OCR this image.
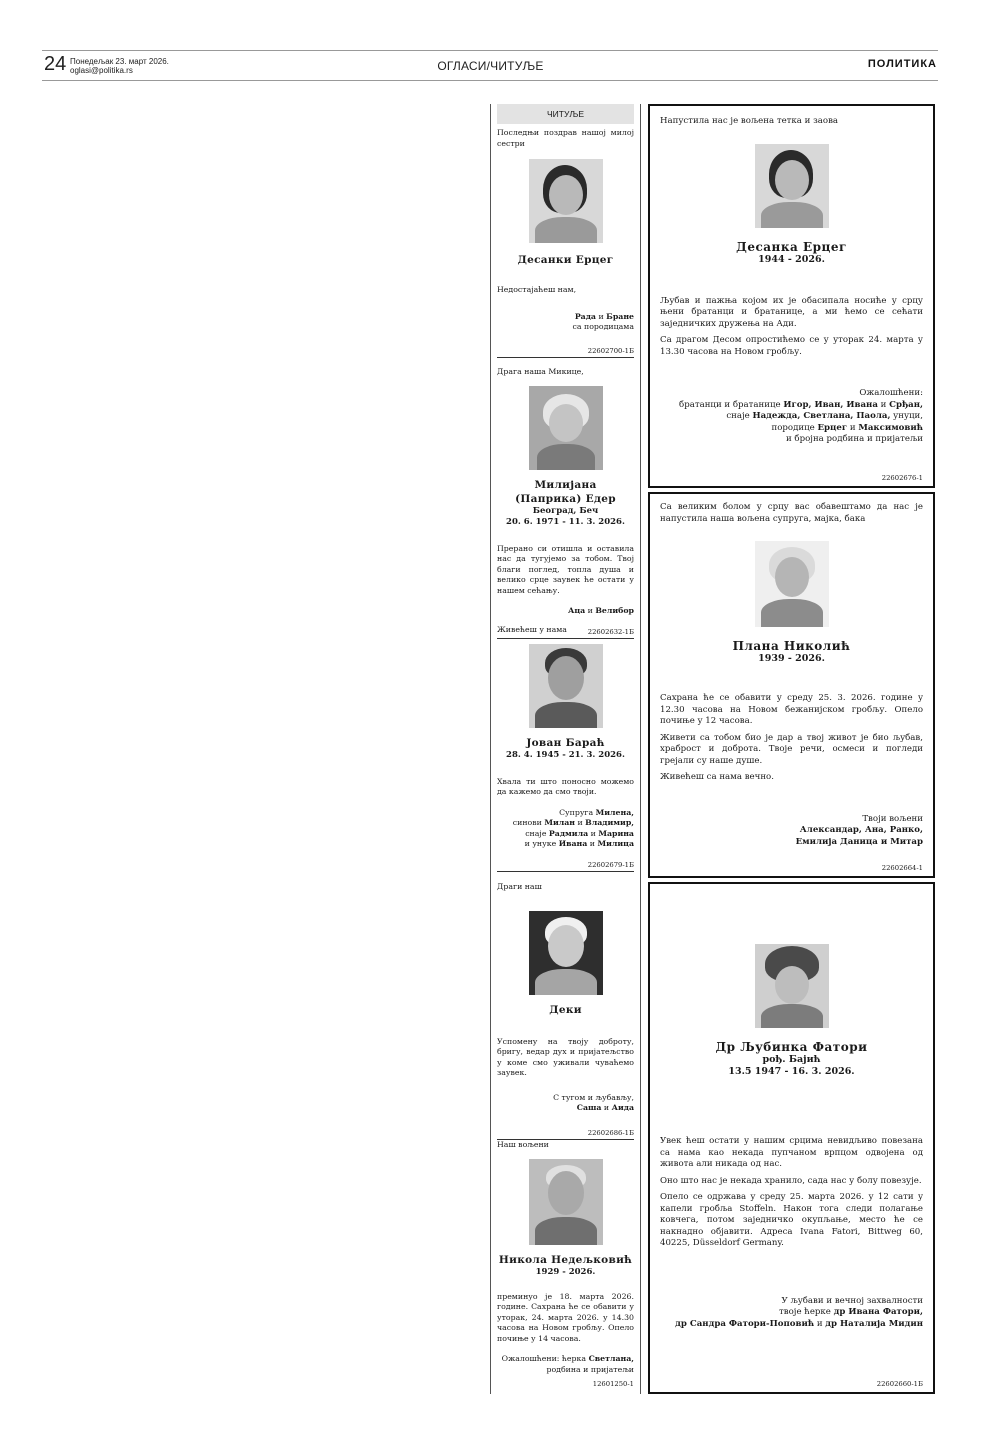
24 Понедељак 23. март 2026.
oglasi@politika.rs	ОГЛАСИ/ЧИТУЉЕ	ПОЛИТИКА
ЧИТУЉЕ
Последњи поздрав нашој милој сестри
Десанки Ерцег
Недостајаћеш нам,
Рада и Бране
са породицама
22602700-1Б
Драга наша Микице,
Милијана
(Паприка) Едер
Београд, Беч
20. 6. 1971 - 11. 3. 2026.
Прерано си отишла и оставила нас да тугујемо за тобом. Твој благи поглед, топла душа и велико срце заувек ће остати у нашем сећању.
Аца и Велибор
22602632-1Б
Живећеш у нама
Јован Бараћ
28. 4. 1945 - 21. 3. 2026.
Хвала ти што поносно можемо да кажемо да смо твоји.
Супруга Милена,
синови Милан и Владимир,
снаје Радмила и Марина
и унуке Ивана и Милица
22602679-1Б
Драги наш
Деки
Успомену на твоју доброту, бригу, ведар дух и пријатељство у коме смо уживали чуваћемо заувек.
С тугом и љубављу,
Саша и Аида
22602686-1Б
Наш вољени
Никола Недељковић
1929 - 2026.
преминуо је 18. марта 2026. године. Сахрана ће се обавити у уторак, 24. марта 2026. у 14.30 часова на Новом гробљу. Опело почиње у 14 часова.
Ожалошћени: ћерка Светлана,
родбина и пријатељи
12601250-1
Напустила нас је вољена тетка и заова
Десанка Ерцег
1944 - 2026.
Љубав и пажња којом их је обасипала носиће у срцу њени братанци и братанице, а ми ћемо се сећати заједничких дружења на Ади.
Са драгом Десом опростићемо се у уторак 24. марта у 13.30 часова на Новом гробљу.
Ожалошћени:
братанци и братанице Игор, Иван, Ивана и Срђан,
снаје Надежда, Светлана, Паола, унуци,
породице Ерцег и Максимовић
и бројна родбина и пријатељи
22602676-1
Са великим болом у срцу вас обавештамо да нас је напустила наша вољена супруга, мајка, бака
Плана Николић
1939 - 2026.
Сахрана ће се обавити у среду 25. 3. 2026. године у 12.30 часова на Новом бежанијском гробљу. Опело почиње у 12 часова.
Живети са тобом био је дар а твој живот је био љубав, храброст и доброта. Твоје речи, осмеси и погледи грејали су наше душе.
Живећеш са нама вечно.
Твоји вољени
Александар, Ана, Ранко,
Емилија Даница и Митар
22602664-1
Др Љубинка Фатори
рођ. Бајић
13.5 1947 - 16. 3. 2026.
Увек ћеш остати у нашим срцима невидљиво повезана са нама као некада пупчаном врпцом одвојена од живота али никада од нас.
Оно што нас је некада хранило, сада нас у болу повезује.
Опело се одржава у среду 25. марта 2026. у 12 сати у капели гробља Stoffeln. Након тога следи полагање ковчега, потом заједничко окупљање, место ће се накнадно објавити. Адреса Ivana Fatori, Bittweg 60, 40225, Düsseldorf Germany.
У љубави и вечној захвалности
твоје ћерке др Ивана Фатори,
др Сандра Фатори-Поповић и др Наталија Мидин
22602660-1Б
